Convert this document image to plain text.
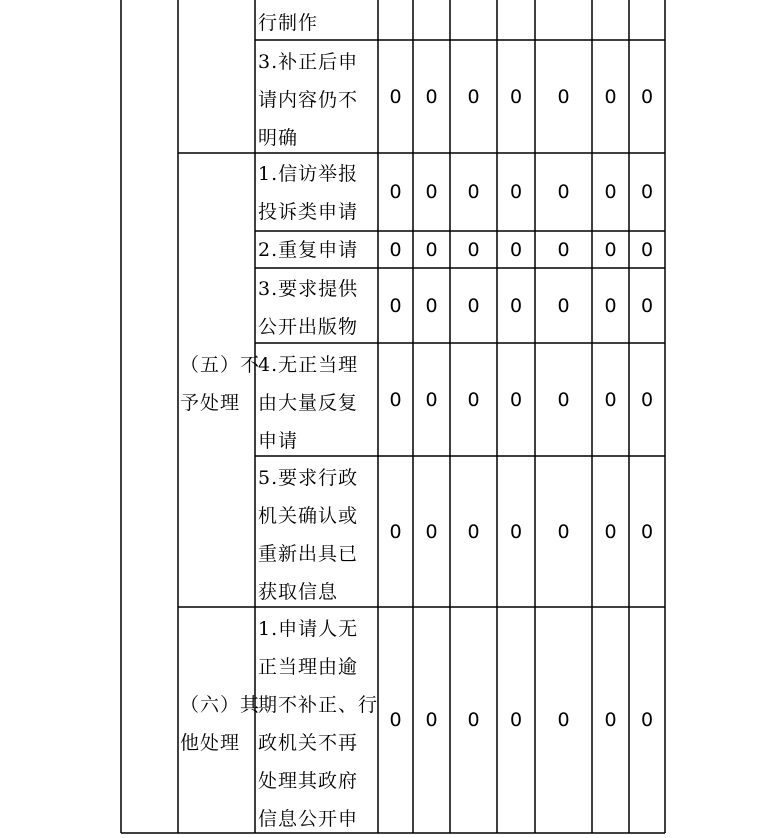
行制作
3.补正后申
请内容仍不
明确
1.信访举报
投诉类申请
2.重复申请
3.要求提供
公开出版物
4.无正当理
由大量反复
申请
5.要求行政
机关确认或
重新出具已
获取信息
1.申请人无
正当理由逾
期不补正、行
政机关不再
处理其政府
信息公开申
（五）不
予处理
（六）其
他处理
0 0 0 0 0 0 0
0 0 0 0 0 0 0
0 0 0 0 0 0 0
0 0 0 0 0 0 0
0 0 0 0 0 0 0
0 0 0 0 0 0 0
0 0 0 0 0 0 0
